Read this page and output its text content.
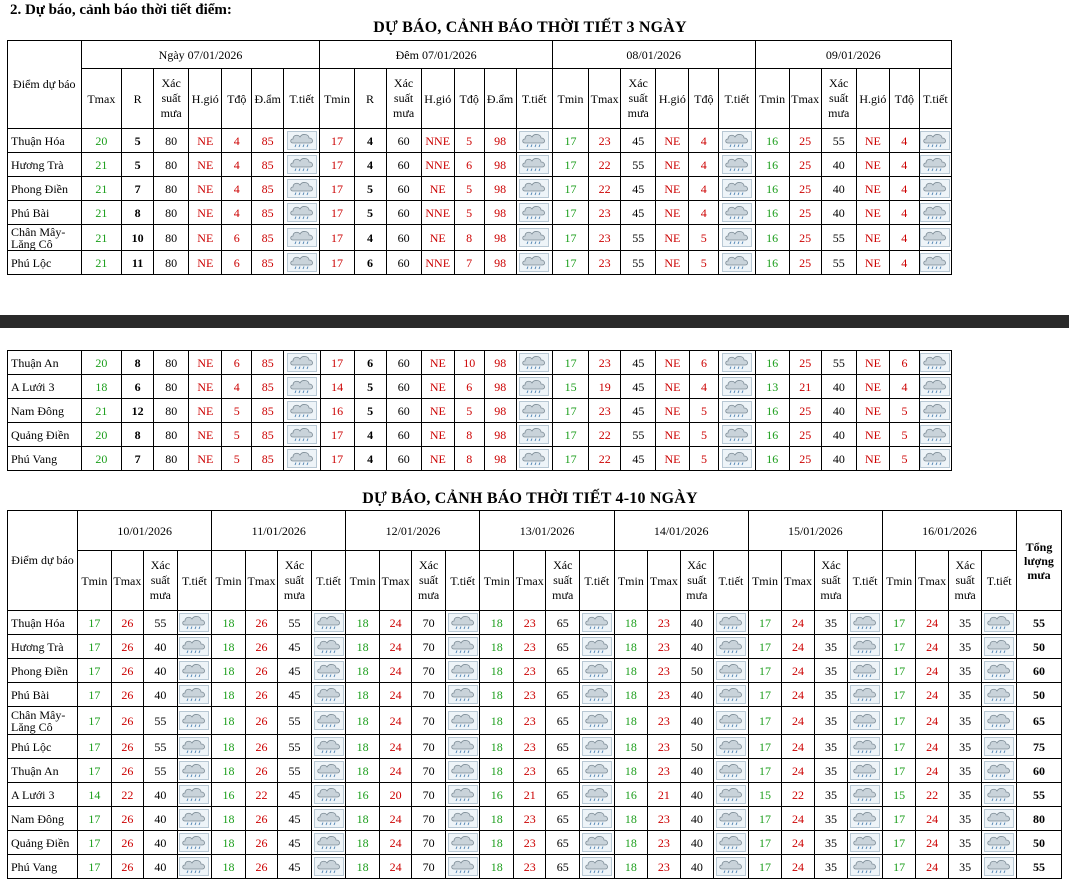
2. Dự báo, cảnh báo thời tiết điểm:
DỰ BÁO, CẢNH BÁO THỜI TIẾT 3 NGÀY
Điểm dự báo	Ngày 07/01/2026							Đêm 07/01/2026							08/01/2026						09/01/2026					
	Tmax	R	Xác suất mưa	H.gió	Tđộ	Đ.ẩm	T.tiết	Tmin	R	Xác suất mưa	H.gió	Tđộ	Đ.ẩm	T.tiết	Tmin	Tmax	Xác suất mưa	H.gió	Tđộ	T.tiết	Tmin	Tmax	Xác suất mưa	H.gió	Tđộ	T.tiết
Thuận Hóa	20	5	80	NE	4	85		17	4	60	NNE	5	98		17	23	45	NE	4		16	25	55	NE	4	

Hương Trà	21	5	80	NE	4	85		17	4	60	NNE	6	98		17	22	55	NE	4		16	25	40	NE	4	

Phong Điền	21	7	80	NE	4	85		17	5	60	NE	5	98		17	22	45	NE	4		16	25	40	NE	4	

Phú Bài	21	8	80	NE	4	85		17	5	60	NNE	5	98		17	23	45	NE	4		16	25	40	NE	4	

Chân Mây-Lăng Cô	21	10	80	NE	6	85		17	4	60	NE	8	98		17	23	55	NE	5		16	25	55	NE	4	

Phú Lộc	21	11	80	NE	6	85		17	6	60	NNE	7	98		17	23	55	NE	5		16	25	55	NE	4	
Thuận An	20	8	80	NE	6	85		17	6	60	NE	10	98		17	23	45	NE	6		16	25	55	NE	6	

A Lưới 3	18	6	80	NE	4	85		14	5	60	NE	6	98		15	19	45	NE	4		13	21	40	NE	4	

Nam Đông	21	12	80	NE	5	85		16	5	60	NE	5	98		17	23	45	NE	5		16	25	40	NE	5	

Quảng Điền	20	8	80	NE	5	85		17	4	60	NE	8	98		17	22	55	NE	5		16	25	40	NE	5	

Phú Vang	20	7	80	NE	5	85		17	4	60	NE	8	98		17	22	45	NE	5		16	25	40	NE	5	
DỰ BÁO, CẢNH BÁO THỜI TIẾT 4-10 NGÀY
Điểm dự báo	10/01/2026				11/01/2026				12/01/2026				13/01/2026				14/01/2026				15/01/2026				16/01/2026				Tổng lượng mưa
	Tmin	Tmax	Xác suất mưa	T.tiết	Tmin	Tmax	Xác suất mưa	T.tiết	Tmin	Tmax	Xác suất mưa	T.tiết	Tmin	Tmax	Xác suất mưa	T.tiết	Tmin	Tmax	Xác suất mưa	T.tiết	Tmin	Tmax	Xác suất mưa	T.tiết	Tmin	Tmax	Xác suất mưa	T.tiết	
Thuận Hóa	17	26	55		18	26	55		18	24	70		18	23	65		18	23	40		17	24	35		17	24	35		55
Hương Trà	17	26	40		18	26	45		18	24	70		18	23	65		18	23	40		17	24	35		17	24	35		50
Phong Điền	17	26	40		18	26	45		18	24	70		18	23	65		18	23	50		17	24	35		17	24	35		60
Phú Bài	17	26	40		18	26	45		18	24	70		18	23	65		18	23	40		17	24	35		17	24	35		50
Chân Mây-Lăng Cô	17	26	55		18	26	55		18	24	70		18	23	65		18	23	40		17	24	35		17	24	35		65
Phú Lộc	17	26	55		18	26	55		18	24	70		18	23	65		18	23	50		17	24	35		17	24	35		75
Thuận An	17	26	55		18	26	55		18	24	70		18	23	65		18	23	40		17	24	35		17	24	35		60
A Lưới 3	14	22	40		16	22	45		16	20	70		16	21	65		16	21	40		15	22	35		15	22	35		55
Nam Đông	17	26	40		18	26	45		18	24	70		18	23	65		18	23	40		17	24	35		17	24	35		80
Quảng Điền	17	26	40		18	26	45		18	24	70		18	23	65		18	23	40		17	24	35		17	24	35		50
Phú Vang	17	26	40		18	26	45		18	24	70		18	23	65		18	23	40		17	24	35		17	24	35		55
